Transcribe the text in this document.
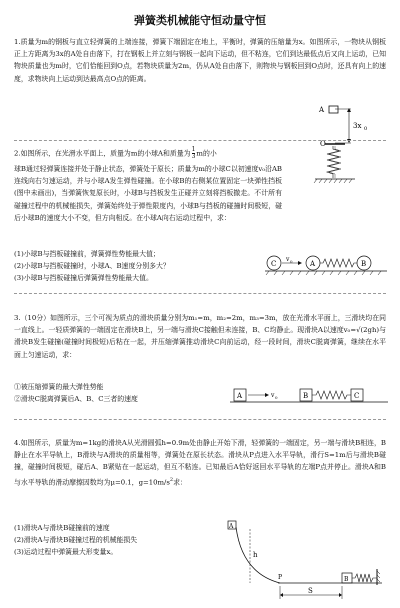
弹簧类机械能守恒动量守恒

1.质量为m的钢板与直立轻弹簧的上端连接，弹簧下端固定在地上，平衡时，弹簧的压缩量为x。如图所示，一物块从钢板正上方距离为3x的A处自由落下，打在钢板上并立刻与钢板一起向下运动，但不粘连，它们到达最低点后又向上运动，已知物块质量也为m时，它们恰能回到O点，若物块质量为2m，仍从A处自由落下，则物块与钢板回到O点时，还具有向上的速度，求物块向上运动到达最高点O点的距离。

A
3x 0
O
2.如图所示，在光滑水平面上，质量为m的小球A和质量为 $\frac{1}{3}$ m的小

球B通过轻弹簧连接并处于静止状态，弹簧处于原长；质量为m的小球C以初速度v₀沿AB连线向右匀速运动，并与小球A发生弹性碰撞。在小球B的右侧某位置固定一块弹性挡板(图中未画出)，当弹簧恢复原长时，小球B与挡板发生正碰并立刻将挡板撤走。不计所有碰撞过程中的机械能损失，弹簧始终处于弹性限度内，小球B与挡板的碰撞时间极短，碰后小球B的速度大小不变，但方向相反。在小球A向右运动过程中，求：

(1)小球B与挡板碰撞前，弹簧弹性势能最大值；

(2)小球B与挡板碰撞时，小球A、B速度分别多大？

(3)小球B与挡板碰撞后弹簧弹性势能最大值。

C
v 0 A	B

3.（10分）如图所示，三个可视为质点的滑块质量分别为m₁=m，m₂=2m，m₃=3m，放在光滑水平面上，三滑块均在同一直线上。一轻质弹簧的一端固定在滑块B上，另一端与滑块C接触但未连接，B、C均静止。现滑块A以速度v₀=√(2gh)与滑块B发生碰撞(碰撞时间极短)后粘在一起，并压缩弹簧推动滑块C向前运动，经一段时间，滑块C脱离弹簧，继续在水平面上匀速运动，求：

①被压缩弹簧的最大弹性势能

②滑块C脱离弹簧后A、B、C三者的速度	A	v 0	B	C

4.如图所示，质量为m=1kg的滑块A从光滑圆弧h=0.9m处由静止开始下滑，轻弹簧的一端固定，另一端与滑块B相连，B静止在水平导轨上，B滑块与A滑块的质量相等，弹簧处在原长状态。滑块从P点进入水平导轨，滑行S=1m后与滑块B碰撞，碰撞时间极短，碰后A、B紧贴在一起运动，但互不粘连。已知最后A恰好返回水平导轨的左端P点并停止。滑块A和B与水平导轨的滑动摩擦因数均为μ=0.1，$g=10m/s^2$求：

(1)滑块A与滑块B碰撞前的速度

(2)滑块A与滑块B碰撞过程的机械能损失

(3)运动过程中弹簧最大形变量x。

A
h
P	B
S
